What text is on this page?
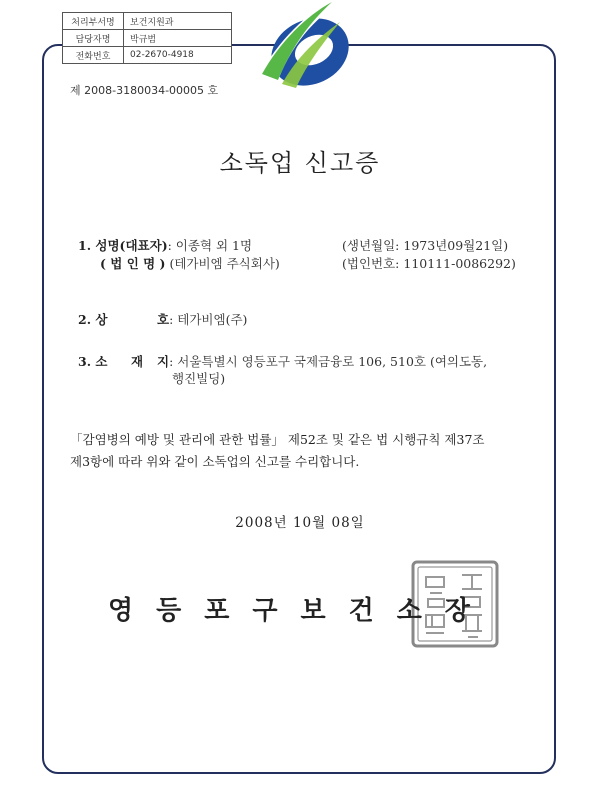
처리부서명	보건지원과
담당자명	박규범
전화번호	02-2670-4918
제 2008-3180034-00005 호
소독업 신고증
1. 성명(대표자): 이종혁 외 1명	(생년월일: 1973년09월21일)
( 법 인 명 ) (테가비엠 주식회사)	(법인번호: 110111-0086292)
2. 상	호: 테가비엠(주)
3. 소 재 지: 서울특별시 영등포구 국제금융로 106, 510호 (여의도동,
행진빌딩)
「감염병의 예방 및 관리에 관한 법률」 제52조 및 같은 법 시행규칙 제37조
제3항에 따라 위와 같이 소독업의 신고를 수리합니다.
2008년 10월 08일
영등포구보건소장
